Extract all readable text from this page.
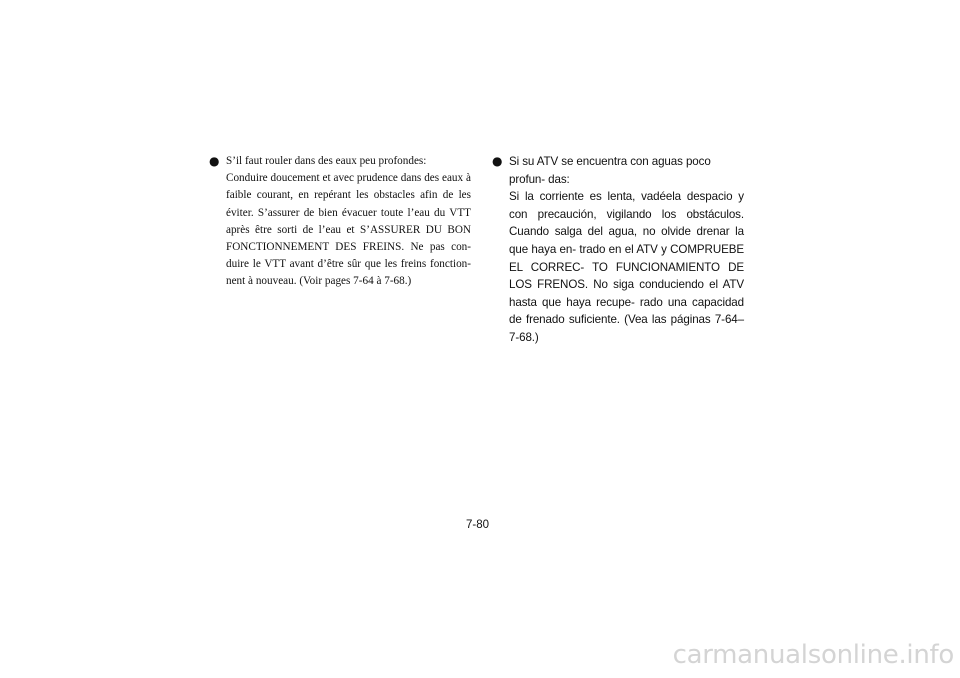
● S’il faut rouler dans des eaux peu profondes:
Conduire doucement et avec prudence dans des eaux à faible courant, en repérant les obstacles afin de les éviter. S’assurer de bien évacuer toute l’eau du VTT après être sorti de l’eau et S’ASSURER DU BON FONCTIONNEMENT DES FREINS. Ne pas con- duire le VTT avant d’être sûr que les freins fonction- nent à nouveau. (Voir pages 7-64 à 7-68.)
● Si su ATV se encuentra con aguas poco profun- das:
Si la corriente es lenta, vadéela despacio y con precaución, vigilando los obstáculos. Cuando salga del agua, no olvide drenar la que haya en- trado en el ATV y COMPRUEBE EL CORREC- TO FUNCIONAMIENTO DE LOS FRENOS. No siga conduciendo el ATV hasta que haya recupe- rado una capacidad de frenado suficiente. (Vea las páginas 7-64–7-68.)
7-80
carmanualsonline.info
